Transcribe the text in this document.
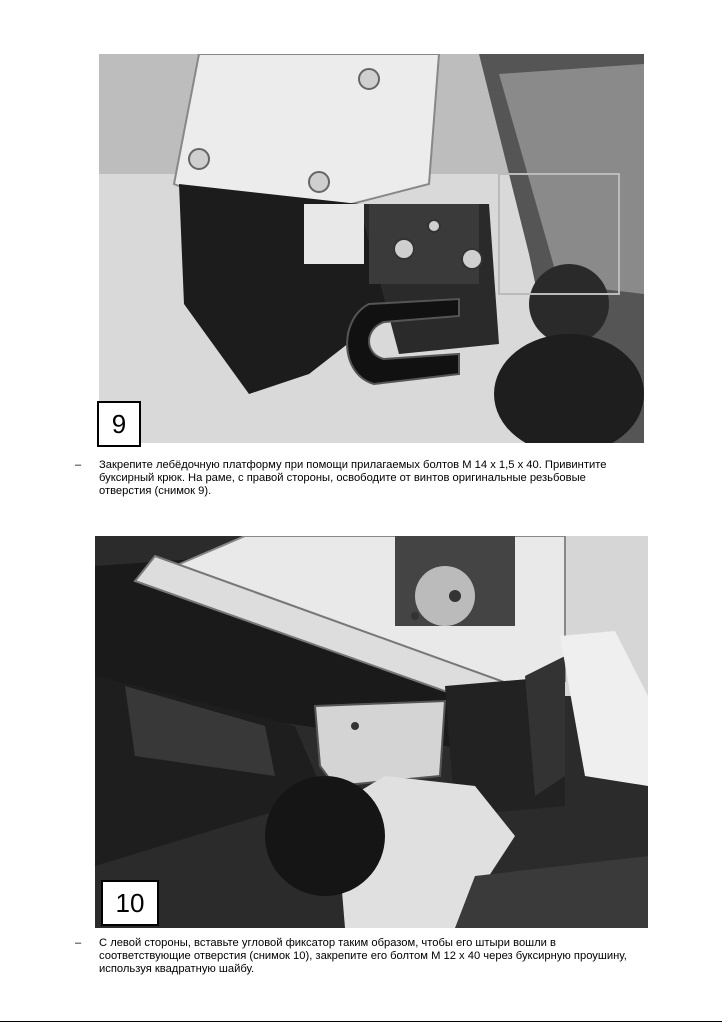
9
– Закрепите лебёдочную платформу при помощи прилагаемых болтов М 14 x 1,5 x 40. Привинтите буксирный крюк. На раме, с правой стороны, освободите от винтов оригинальные резьбовые отверстия (снимок 9).
10
– С левой стороны, вставьте угловой фиксатор таким образом, чтобы его штыри вошли в соответствующие отверстия (снимок 10), закрепите его болтом М 12 x 40 через буксирную проушину, используя квадратную шайбу.
